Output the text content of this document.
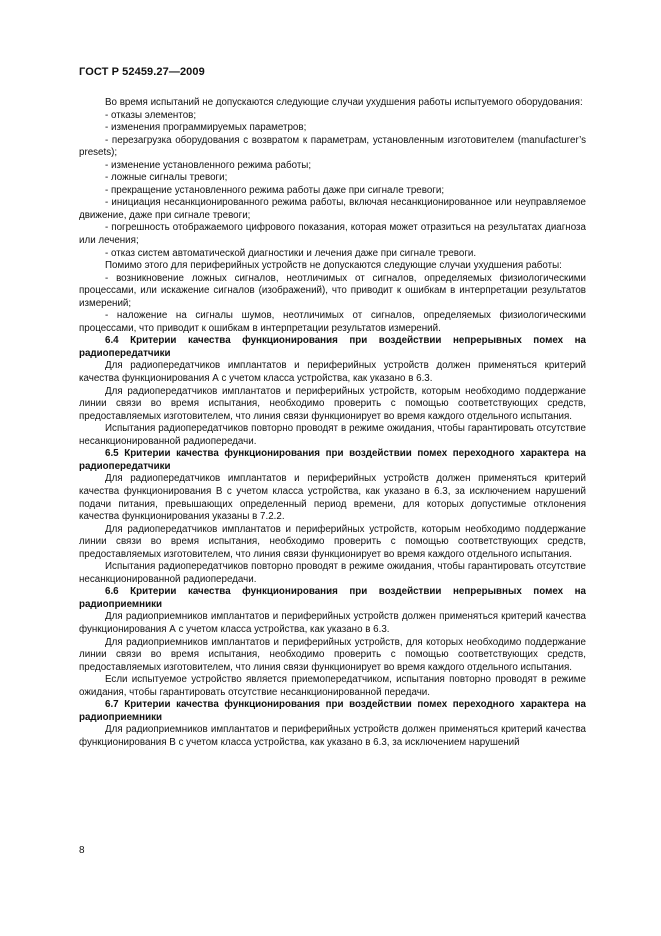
ГОСТ Р 52459.27—2009

Во время испытаний не допускаются следующие случаи ухудшения работы испытуемого оборудования:

- отказы элементов;

- изменения программируемых параметров;

- перезагрузка оборудования с возвратом к параметрам, установленным изготовителем (manufacturer’s presets);

- изменение установленного режима работы;

- ложные сигналы тревоги;

- прекращение установленного режима работы даже при сигнале тревоги;

- инициация несанкционированного режима работы, включая несанкционированное или неуправляемое движение, даже при сигнале тревоги;

- погрешность отображаемого цифрового показания, которая может отразиться на результатах диагноза или лечения;

- отказ систем автоматической диагностики и лечения даже при сигнале тревоги.

Помимо этого для периферийных устройств не допускаются следующие случаи ухудшения работы:

- возникновение ложных сигналов, неотличимых от сигналов, определяемых физиологическими процессами, или искажение сигналов (изображений), что приводит к ошибкам в интерпретации результатов измерений;

- наложение на сигналы шумов, неотличимых от сигналов, определяемых физиологическими процессами, что приводит к ошибкам в интерпретации результатов измерений.

6.4 Критерии качества функционирования при воздействии непрерывных помех на радиопередатчики

Для радиопередатчиков имплантатов и периферийных устройств должен применяться критерий качества функционирования А с учетом класса устройства, как указано в 6.3.

Для радиопередатчиков имплантатов и периферийных устройств, которым необходимо поддержание линии связи во время испытания, необходимо проверить с помощью соответствующих средств, предоставляемых изготовителем, что линия связи функционирует во время каждого отдельного испытания.

Испытания радиопередатчиков повторно проводят в режиме ожидания, чтобы гарантировать отсутствие несанкционированной радиопередачи.

6.5 Критерии качества функционирования при воздействии помех переходного характера на радиопередатчики

Для радиопередатчиков имплантатов и периферийных устройств должен применяться критерий качества функционирования В с учетом класса устройства, как указано в 6.3, за исключением нарушений подачи питания, превышающих определенный период времени, для которых допустимые отклонения качества функционирования указаны в 7.2.2.

Для радиопередатчиков имплантатов и периферийных устройств, которым необходимо поддержание линии связи во время испытания, необходимо проверить с помощью соответствующих средств, предоставляемых изготовителем, что линия связи функционирует во время каждого отдельного испытания.

Испытания радиопередатчиков повторно проводят в режиме ожидания, чтобы гарантировать отсутствие несанкционированной радиопередачи.

6.6 Критерии качества функционирования при воздействии непрерывных помех на радиоприемники

Для радиоприемников имплантатов и периферийных устройств должен применяться критерий качества функционирования А с учетом класса устройства, как указано в 6.3.

Для радиоприемников имплантатов и периферийных устройств, для которых необходимо поддержание линии связи во время испытания, необходимо проверить с помощью соответствующих средств, предоставляемых изготовителем, что линия связи функционирует во время каждого отдельного испытания.

Если испытуемое устройство является приемопередатчиком, испытания повторно проводят в режиме ожидания, чтобы гарантировать отсутствие несанкционированной передачи.

6.7 Критерии качества функционирования при воздействии помех переходного характера на радиоприемники

Для радиоприемников имплантатов и периферийных устройств должен применяться критерий качества функционирования В с учетом класса устройства, как указано в 6.3, за исключением нарушений

8
